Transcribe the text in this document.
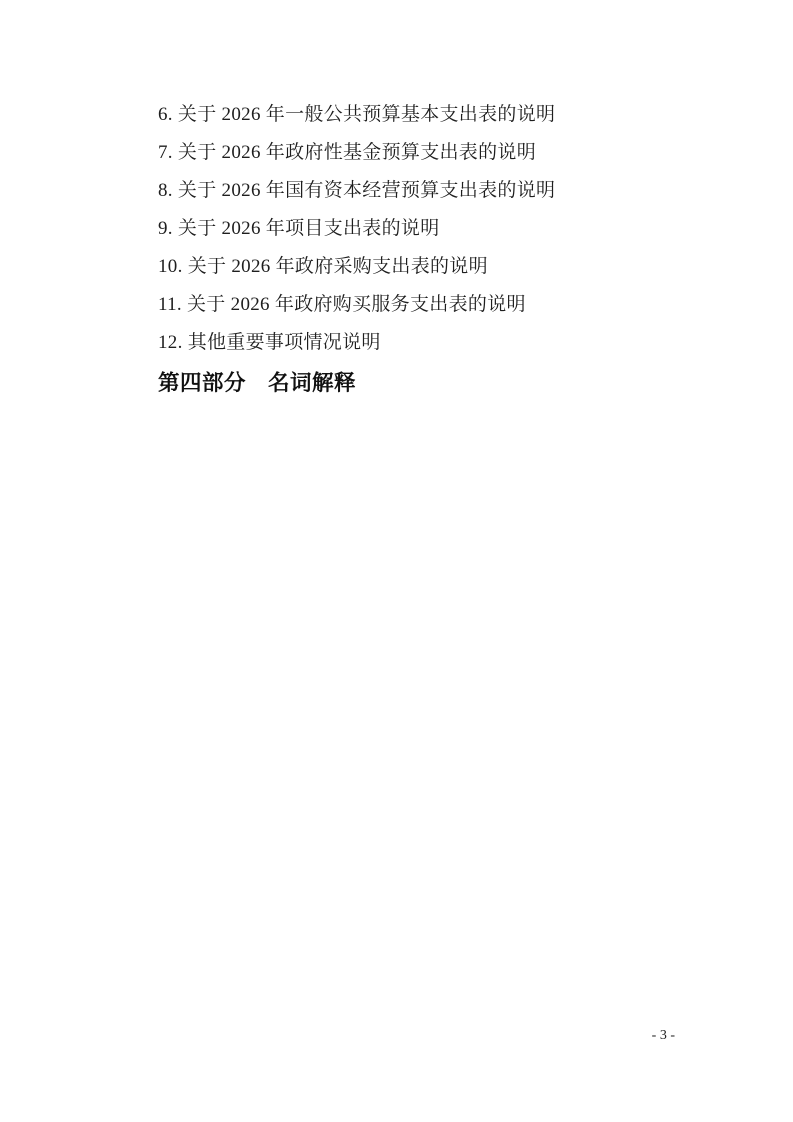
6. 关于 2026 年一般公共预算基本支出表的说明
7. 关于 2026 年政府性基金预算支出表的说明
8. 关于 2026 年国有资本经营预算支出表的说明
9. 关于 2026 年项目支出表的说明
10. 关于 2026 年政府采购支出表的说明
11. 关于 2026 年政府购买服务支出表的说明
12. 其他重要事项情况说明
第四部分　名词解释
- 3 -
